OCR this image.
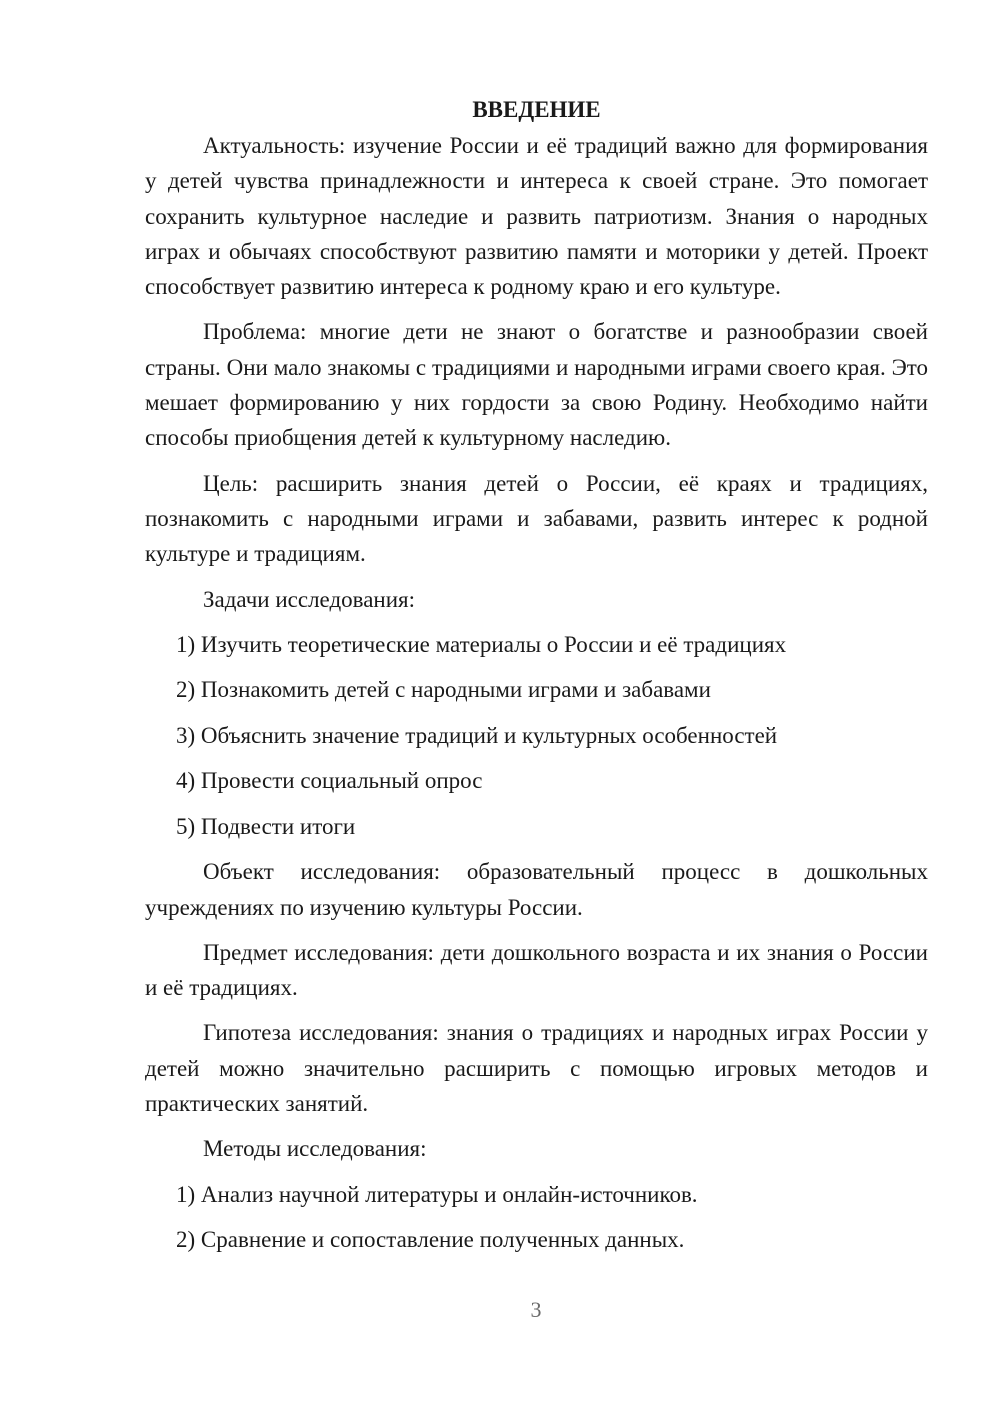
ВВЕДЕНИЕ

Актуальность: изучение России и её традиций важно для формирования у детей чувства принадлежности и интереса к своей стране. Это помогает сохранить культурное наследие и развить патриотизм. Знания о народных играх и обычаях способствуют развитию памяти и моторики у детей. Проект способствует развитию интереса к родному краю и его культуре.

Проблема: многие дети не знают о богатстве и разнообразии своей страны. Они мало знакомы с традициями и народными играми своего края. Это мешает формированию у них гордости за свою Родину. Необходимо найти способы приобщения детей к культурному наследию.

Цель: расширить знания детей о России, её краях и традициях, познакомить с народными играми и забавами, развить интерес к родной культуре и традициям.

Задачи исследования:

1) Изучить теоретические материалы о России и её традициях
2) Познакомить детей с народными играми и забавами
3) Объяснить значение традиций и культурных особенностей
4) Провести социальный опрос
5) Подвести итоги

Объект исследования: образовательный процесс в дошкольных учреждениях по изучению культуры России.

Предмет исследования: дети дошкольного возраста и их знания о России и её традициях.

Гипотеза исследования: знания о традициях и народных играх России у детей можно значительно расширить с помощью игровых методов и практических занятий.

Методы исследования:

1) Анализ научной литературы и онлайн-источников.
2) Сравнение и сопоставление полученных данных.
3
